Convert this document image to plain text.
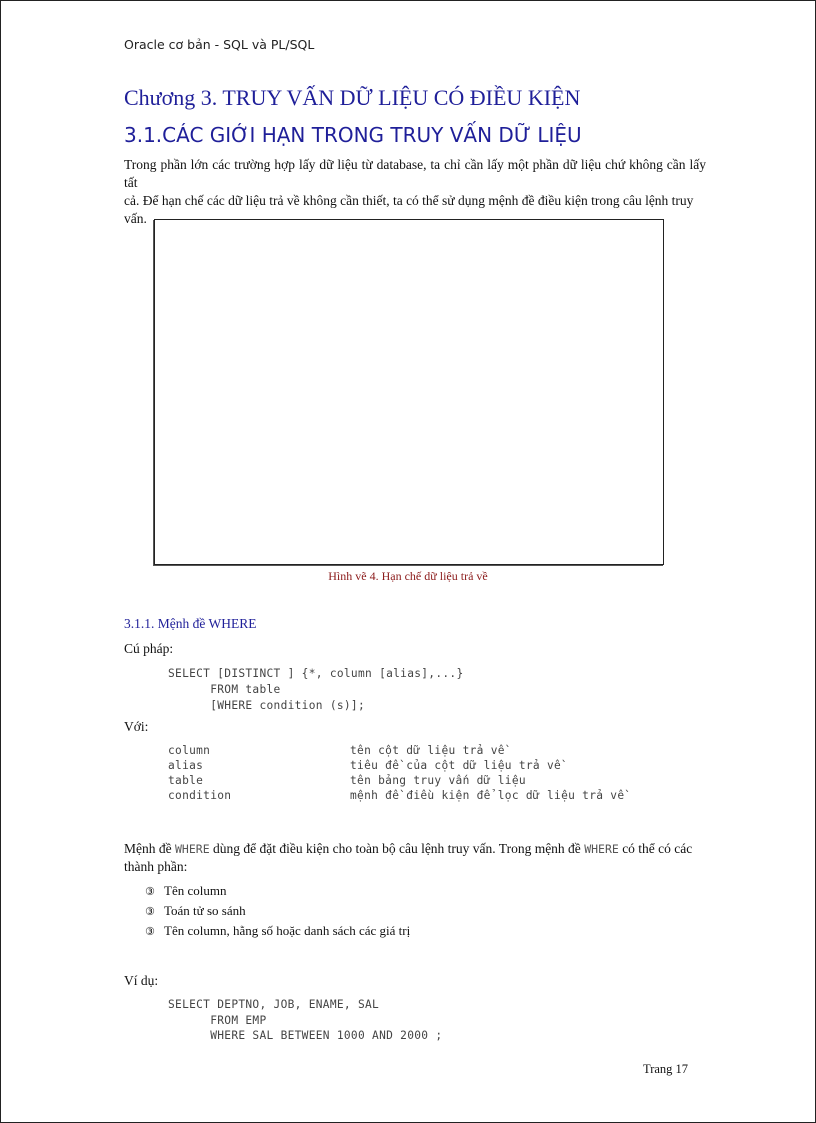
Oracle cơ bản - SQL và PL/SQL
Chương 3. TRUY VẤN DỮ LIỆU CÓ ĐIỀU KIỆN
3.1.CÁC GIỚI HẠN TRONG TRUY VẤN DỮ LIỆU
Trong phần lớn các trường hợp lấy dữ liệu từ database, ta chỉ cần lấy một phần dữ liệu chứ không cần lấy tất
cả. Để hạn chế các dữ liệu trả về không cần thiết, ta có thể sử dụng mệnh đề điều kiện trong câu lệnh truy
vấn.
Hình vẽ 4. Hạn chế dữ liệu trả về
3.1.1. Mệnh đề WHERE
Cú pháp:
SELECT [DISTINCT ] {*, column [alias],...}
FROM table
[WHERE condition (s)];
Với:

column

	tên cột dữ liệu trả về

alias

	tiêu đề của cột dữ liệu trả về

table

	tên bảng truy vấn dữ liệu

condition

	mệnh đề điều kiện để lọc dữ liệu trả về

Mệnh đề WHERE dùng để đặt điều kiện cho toàn bộ câu lệnh truy vấn. Trong mệnh đề WHERE có thể có các
thành phần:
③ Tên column
③ Toán tử so sánh
③ Tên column, hằng số hoặc danh sách các giá trị
Ví dụ:
SELECT DEPTNO, JOB, ENAME, SAL
FROM EMP
WHERE SAL BETWEEN 1000 AND 2000 ;
Trang 17
